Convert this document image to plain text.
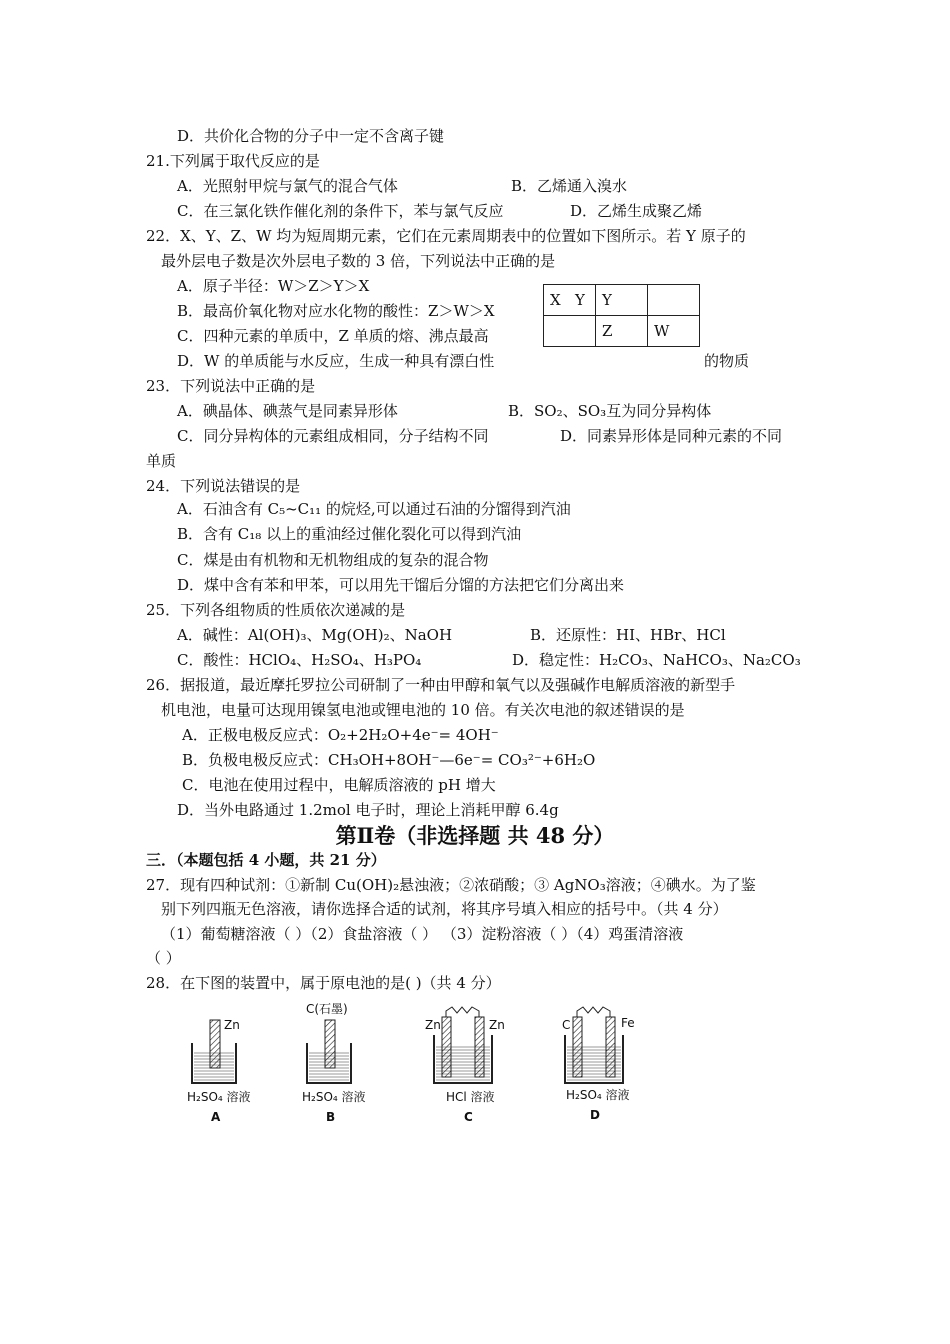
D．共价化合物的分子中一定不含离子键
21.下列属于取代反应的是
A．光照射甲烷与氯气的混合气体	B．乙烯通入溴水
C．在三氯化铁作催化剂的条件下，苯与氯气反应	D．乙烯生成聚乙烯
22．X、Y、Z、W 均为短周期元素，它们在元素周期表中的位置如下图所示。若 Y 原子的
最外层电子数是次外层电子数的 3 倍，下列说法中正确的是
A．原子半径：W＞Z＞Y＞X
B．最高价氧化物对应水化物的酸性：Z＞W＞X
C．四种元素的单质中，Z 单质的熔、沸点最高
D．W 的单质能与水反应，生成一种具有漂白性	的物质
X Y	Y	
	Z	W
23．下列说法中正确的是
A．碘晶体、碘蒸气是同素异形体	B．SO₂、SO₃互为同分异构体
C．同分异构体的元素组成相同，分子结构不同	D．同素异形体是同种元素的不同
单质
24．下列说法错误的是
A．石油含有 C₅~C₁₁ 的烷烃,可以通过石油的分馏得到汽油
B．含有 C₁₈ 以上的重油经过催化裂化可以得到汽油
C．煤是由有机物和无机物组成的复杂的混合物
D．煤中含有苯和甲苯，可以用先干馏后分馏的方法把它们分离出来
25．下列各组物质的性质依次递减的是
A．碱性：Al(OH)₃、Mg(OH)₂、NaOH	B．还原性：HI、HBr、HCl
C．酸性：HClO₄、H₂SO₄、H₃PO₄	D．稳定性：H₂CO₃、NaHCO₃、Na₂CO₃
26．据报道，最近摩托罗拉公司研制了一种由甲醇和氧气以及强碱作电解质溶液的新型手
机电池，电量可达现用镍氢电池或锂电池的 10 倍。有关次电池的叙述错误的是
A．正极电极反应式：O₂+2H₂O+4e⁻= 4OH⁻
B．负极电极反应式：CH₃OH+8OH⁻—6e⁻= CO₃²⁻+6H₂O
C．电池在使用过程中，电解质溶液的 pH 增大
D．当外电路通过 1.2mol 电子时，理论上消耗甲醇 6.4g
第Ⅱ卷（非选择题 共 48 分）
三．（本题包括 4 小题，共 21 分）
27．现有四种试剂：①新制 Cu(OH)₂悬浊液；②浓硝酸；③ AgNO₃溶液；④碘水。为了鉴
别下列四瓶无色溶液，请你选择合适的试剂，将其序号填入相应的括号中。（共 4 分）
（1）葡萄糖溶液（ ）（2）食盐溶液（ ） （3）淀粉溶液（ ）（4）鸡蛋清溶液
（ ）
28．在下图的装置中，属于原电池的是( )（共 4 分）
Zn
H₂SO₄ 溶液
A
C(石墨)
H₂SO₄ 溶液
B
Zn	Zn
HCl 溶液
C
C	Fe
H₂SO₄ 溶液
D
